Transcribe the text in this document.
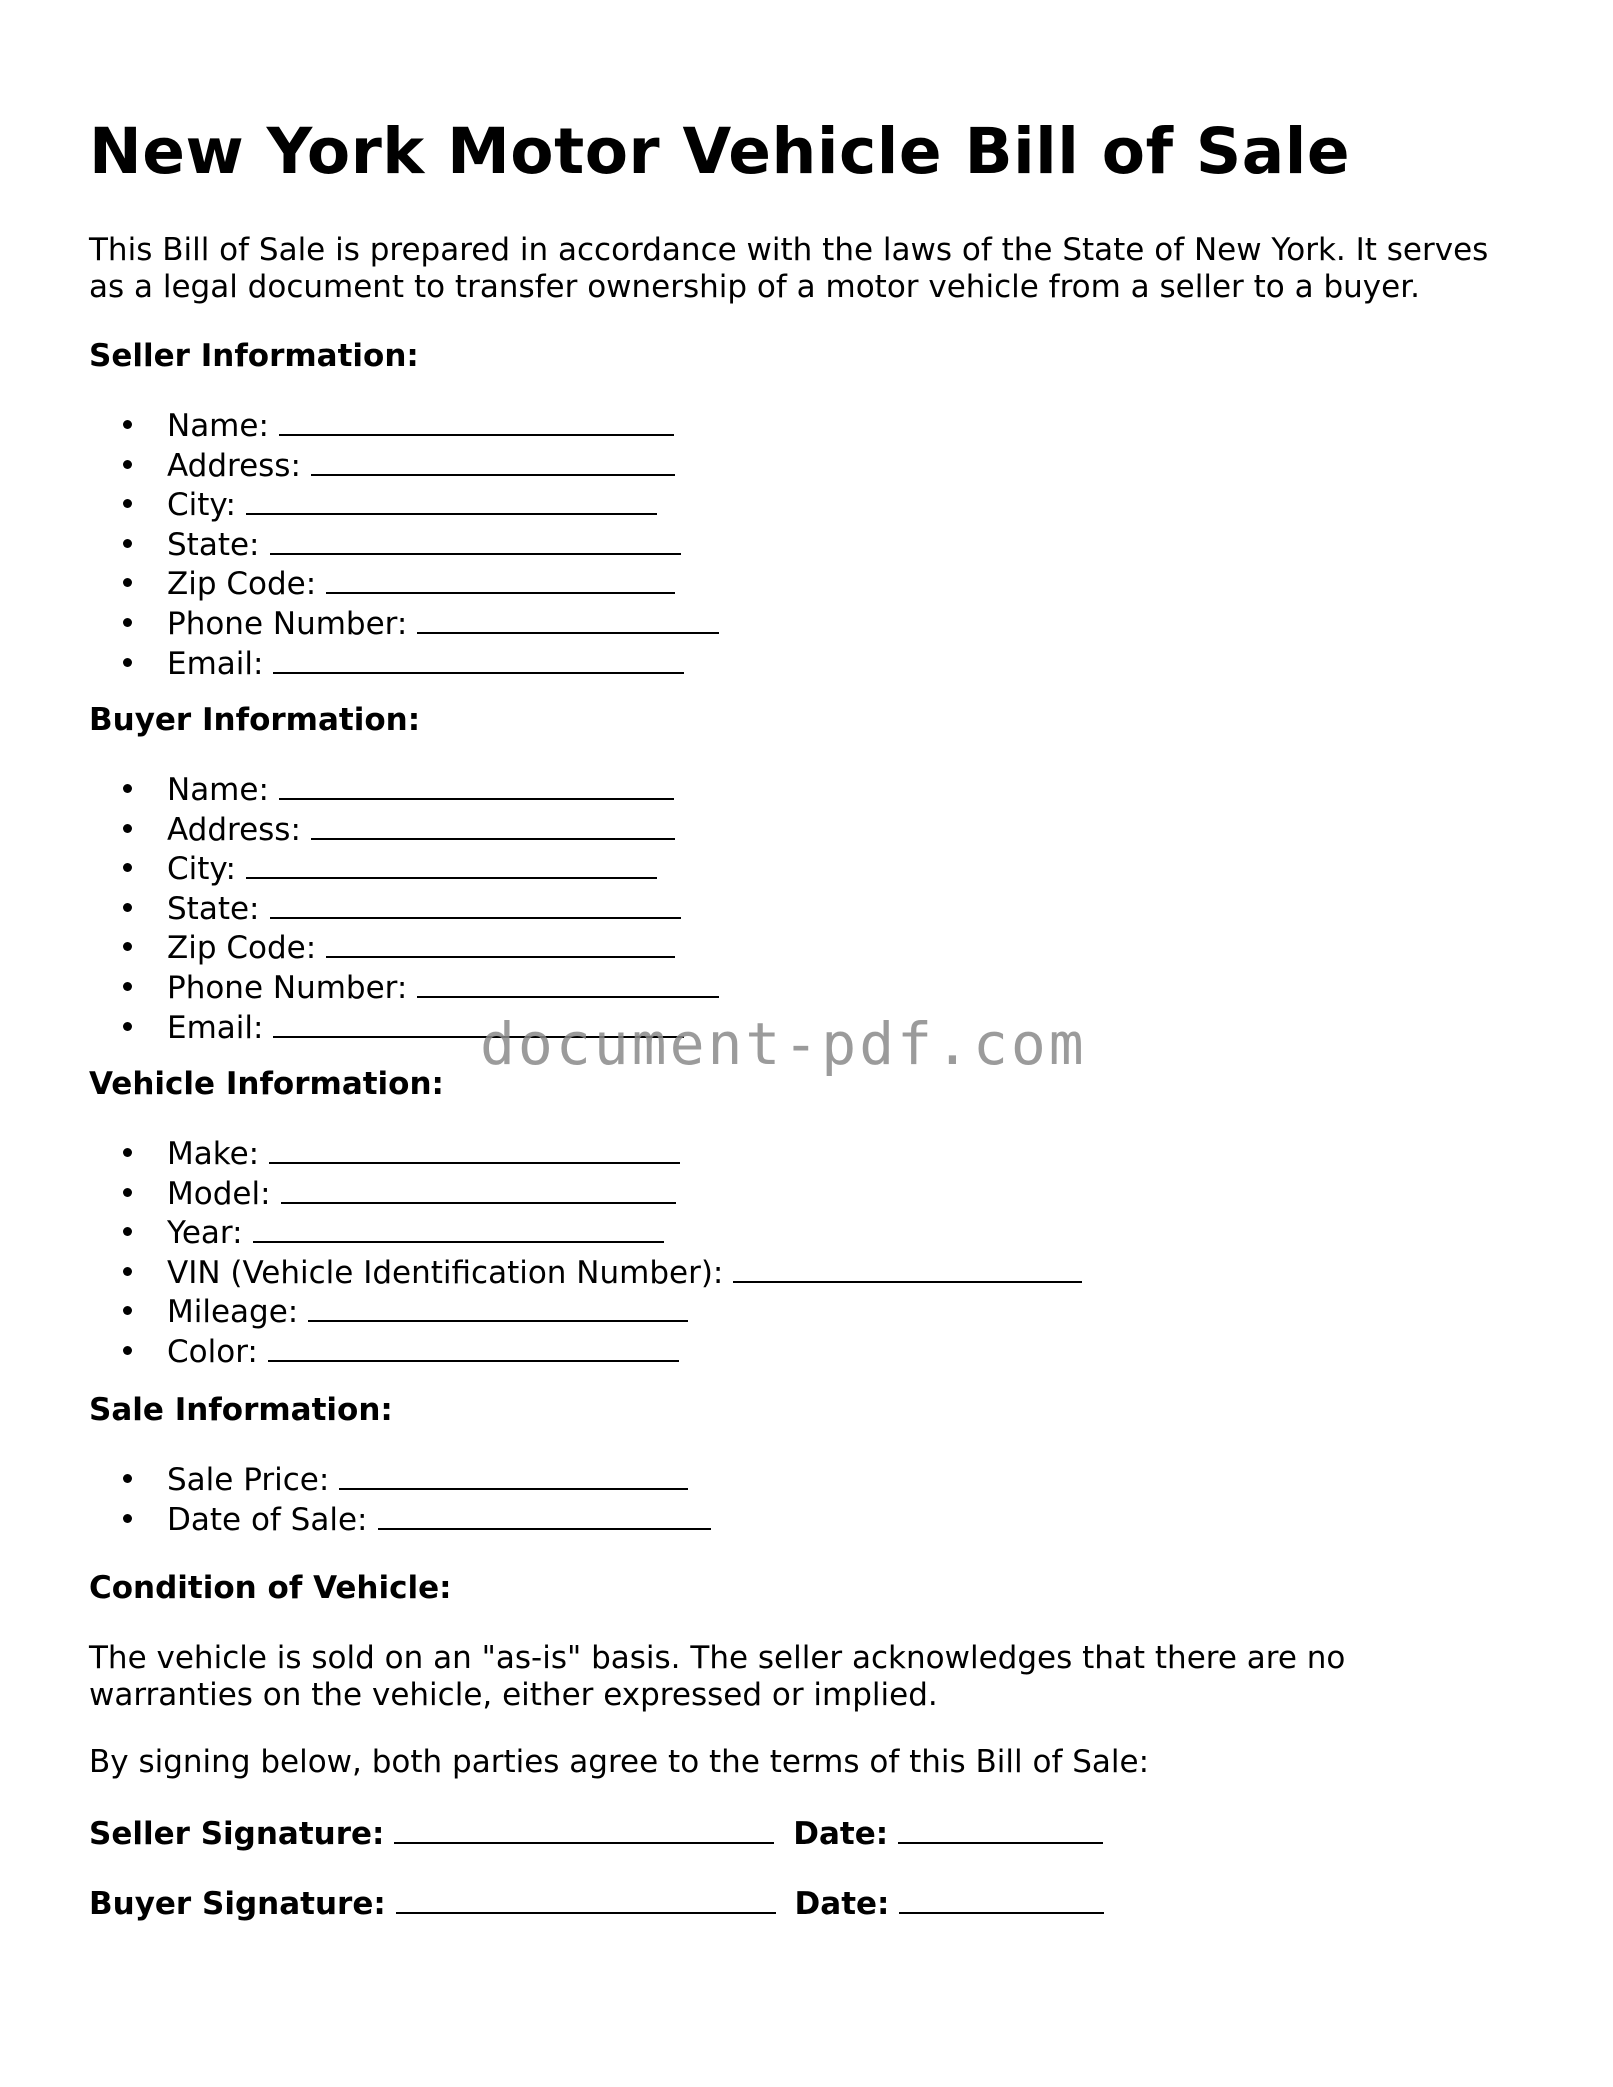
New York Motor Vehicle Bill of Sale

This Bill of Sale is prepared in accordance with the laws of the State of New York. It serves as a legal document to transfer ownership of a motor vehicle from a seller to a buyer.

Seller Information:

Name:
Address:
City:
State:
Zip Code:
Phone Number:
Email:

Buyer Information:

Name:
Address:
City:
State:
Zip Code:
Phone Number:
Email:

Vehicle Information:

Make:
Model:
Year:
VIN (Vehicle Identification Number):
Mileage:
Color:

Sale Information:

Sale Price:
Date of Sale:

Condition of Vehicle:

The vehicle is sold on an "as-is" basis. The seller acknowledges that there are no warranties on the vehicle, either expressed or implied.

By signing below, both parties agree to the terms of this Bill of Sale:

Seller Signature:	Date:

Buyer Signature:	Date:

document-pdf.com
